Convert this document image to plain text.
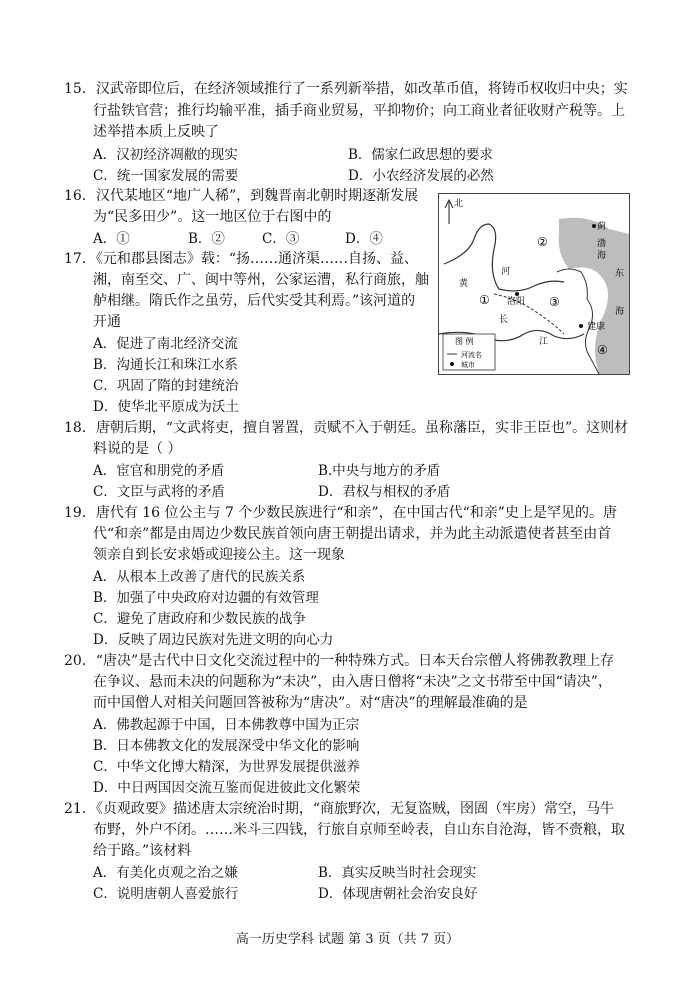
15．汉武帝即位后，在经济领域推行了一系列新举措，如改革币值，将铸币权收归中央；实
行盐铁官营；推行均输平准，插手商业贸易，平抑物价；向工商业者征收财产税等。上
述举措本质上反映了
A．汉初经济凋敝的现实	B．儒家仁政思想的要求
C．统一国家发展的需要	D．小农经济发展的必然
16．汉代某地区“地广人稀”，到魏晋南北朝时期逐渐发展
为“民多田少”。这一地区位于右图中的
A．①	B．②	C．③	D．④
17．《元和郡县图志》载：“扬……通济渠……自扬、益、
湘，南至交、广、闽中等州，公家运漕，私行商旅，舳
舻相继。隋氏作之虽劳，后代实受其利焉。”该河道的
开通
A．促进了南北经济交流
B．沟通长江和珠江水系
C．巩固了隋的封建统治
D．使华北平原成为沃土
北
蓟
②	渤
海
东
① 洛阳
黄
河
长
江
③
建康
④
海
图 例
河流名
城市
18．唐朝后期，“文武将吏，擅自署置，贡赋不入于朝廷。虽称藩臣，实非王臣也”。这则材
料说的是（ ）
A．宦官和朋党的矛盾	B.中央与地方的矛盾
C．文臣与武将的矛盾	D．君权与相权的矛盾
19．唐代有 16 位公主与 7 个少数民族进行“和亲”，在中国古代“和亲”史上是罕见的。唐
代“和亲”都是由周边少数民族首领向唐王朝提出请求，并为此主动派遣使者甚至由首
领亲自到长安求婚或迎接公主。这一现象
A．从根本上改善了唐代的民族关系
B．加强了中央政府对边疆的有效管理
C．避免了唐政府和少数民族的战争
D．反映了周边民族对先进文明的向心力
20．“唐决”是古代中日文化交流过程中的一种特殊方式。日本天台宗僧人将佛教教理上存
在争议、悬而未决的问题称为“未决”，由入唐日僧将“未决”之文书带至中国“请决”，
而中国僧人对相关问题回答被称为“唐决”。对“唐决”的理解最准确的是
A．佛教起源于中国，日本佛教尊中国为正宗
B．日本佛教文化的发展深受中华文化的影响
C．中华文化博大精深，为世界发展提供滋养
D．中日两国因交流互鉴而促进彼此文化繁荣
21．《贞观政要》描述唐太宗统治时期，“商旅野次，无复盗贼，囹圄（牢房）常空，马牛
布野，外户不闭。……米斗三四钱，行旅自京师至岭表，自山东自沧海，皆不赍粮，取
给于路。”该材料
A．有美化贞观之治之嫌	B．真实反映当时社会现实
C．说明唐朝人喜爱旅行	D．体现唐朝社会治安良好
高一历史学科 试题 第 3 页（共 7 页）
